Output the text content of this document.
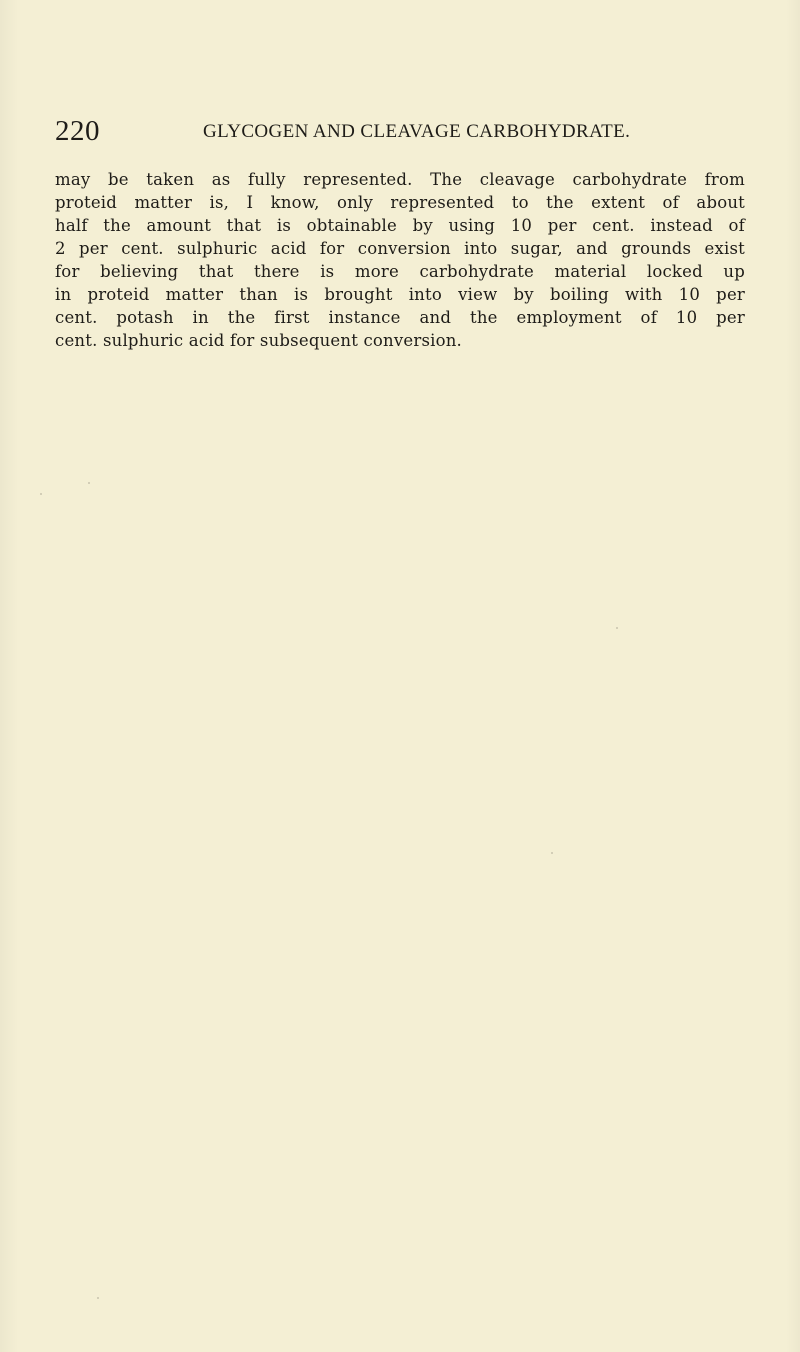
220	GLYCOGEN AND CLEAVAGE CARBOHYDRATE.
may be taken as fully represented. The cleavage carbohydrate from
proteid matter is, I know, only represented to the extent of about
half the amount that is obtainable by using 10 per cent. instead of
2 per cent. sulphuric acid for conversion into sugar, and grounds exist
for believing that there is more carbohydrate material locked up
in proteid matter than is brought into view by boiling with 10 per
cent. potash in the first instance and the employment of 10 per
cent. sulphuric acid for subsequent conversion.
